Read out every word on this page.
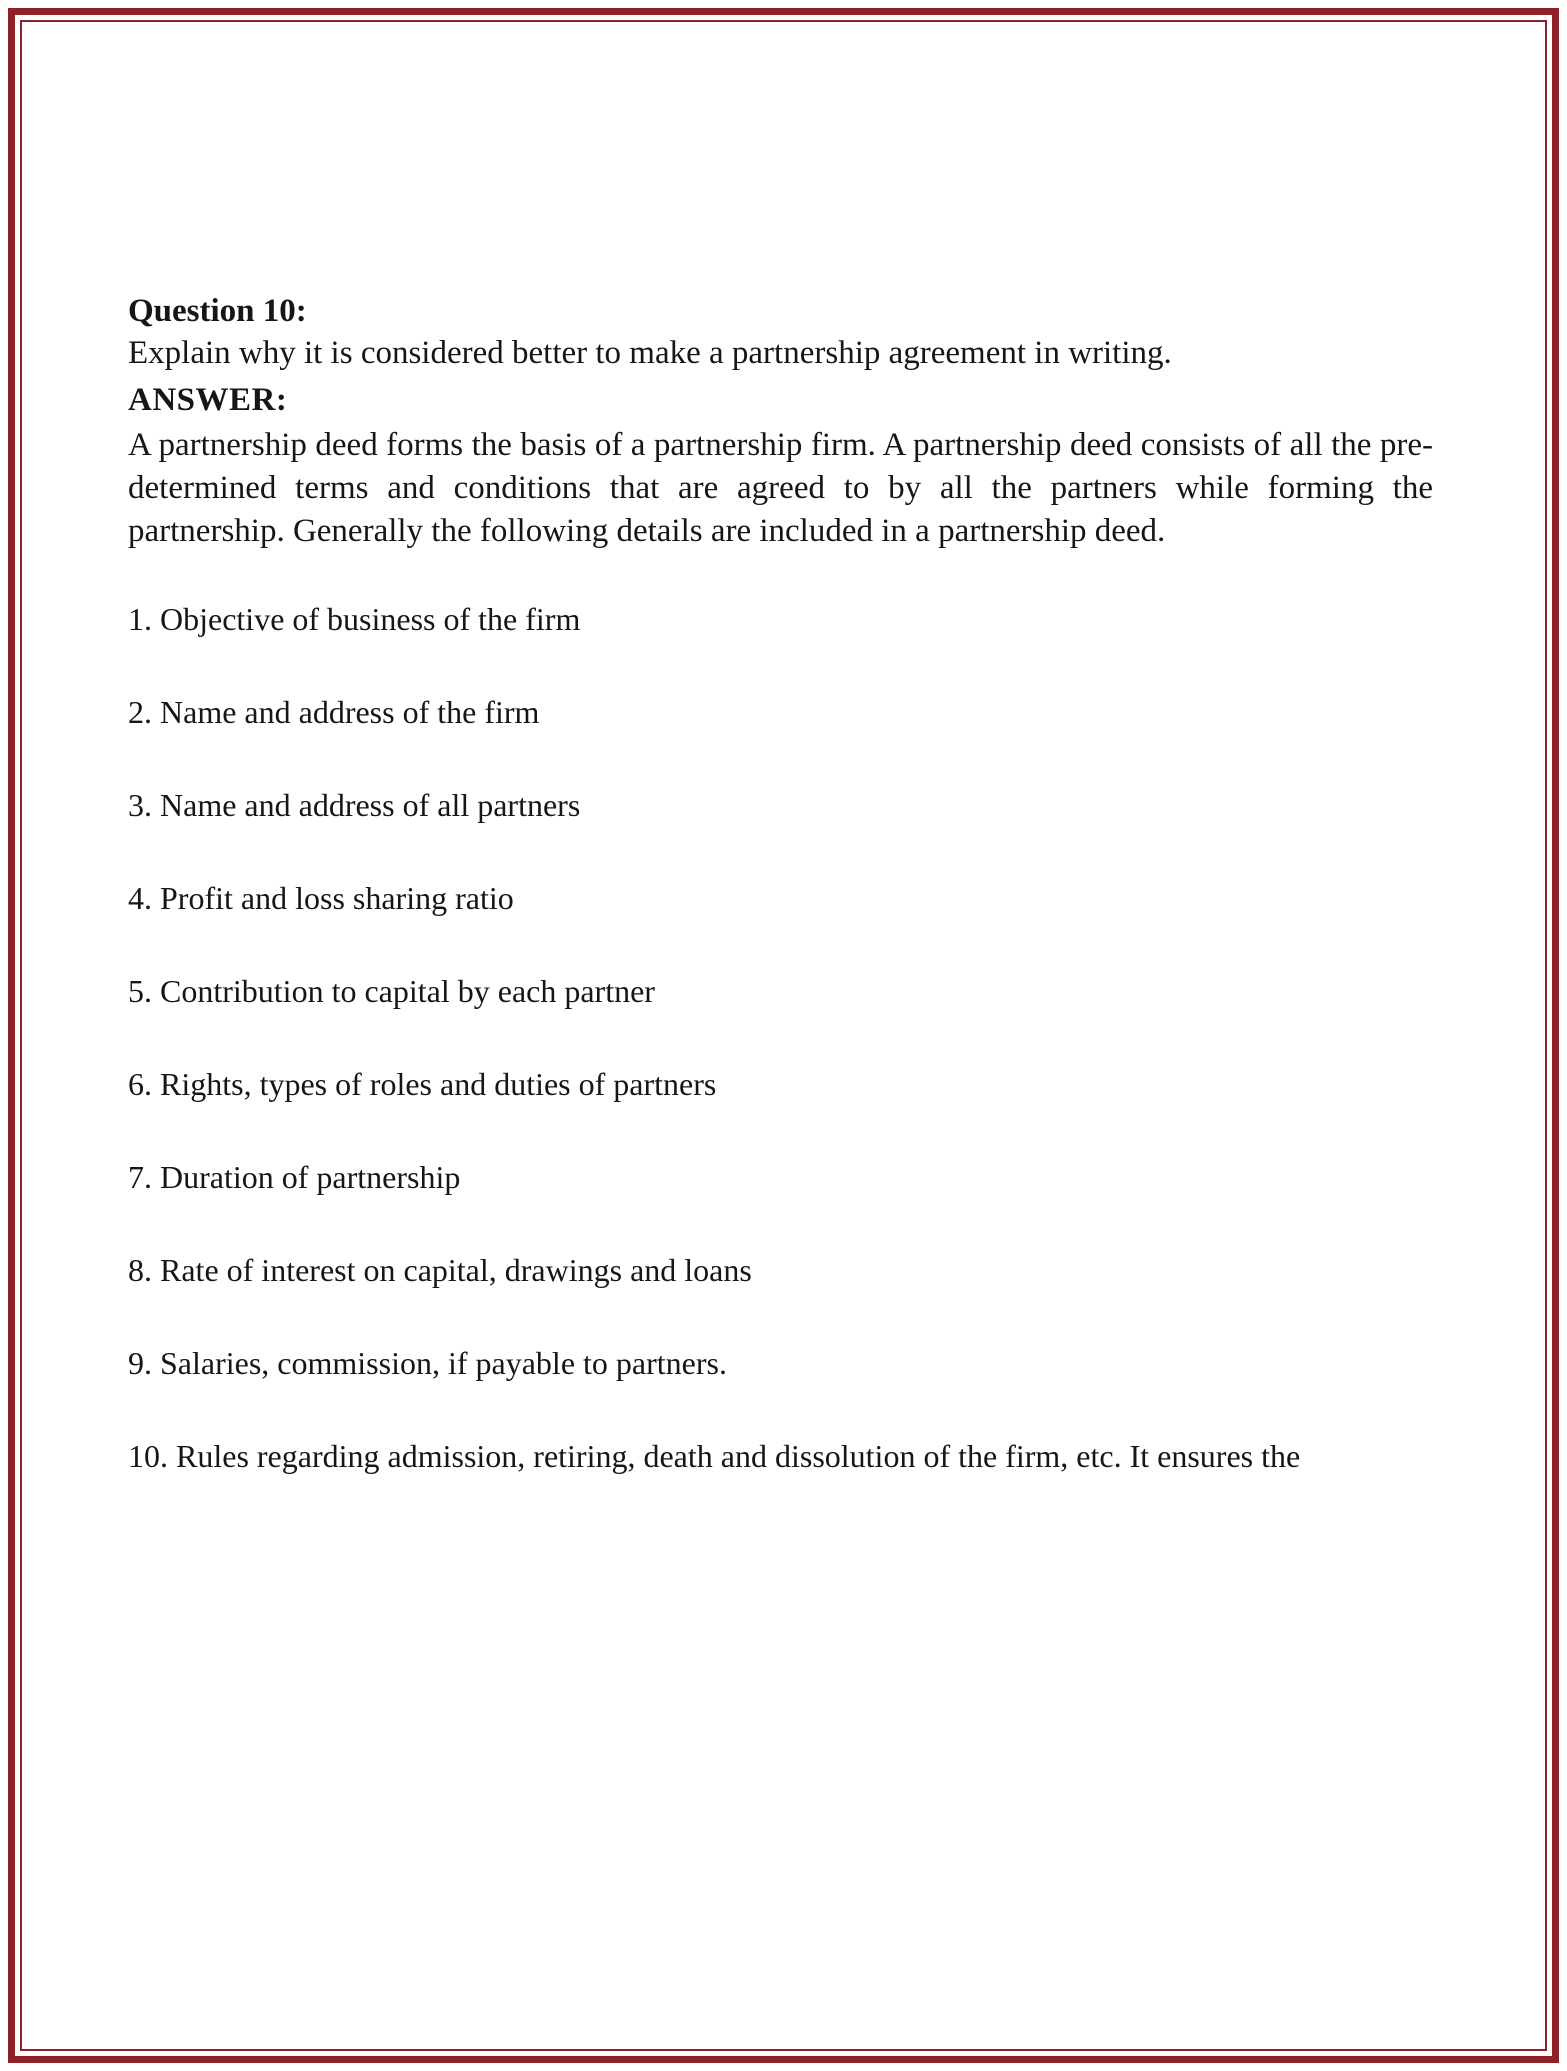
Question 10:

Explain why it is considered better to make a partnership agreement in writing.

ANSWER:

A partnership deed forms the basis of a partnership firm. A partnership deed consists of all the pre-determined terms and conditions that are agreed to by all the partners while forming the partnership. Generally the following details are included in a partnership deed.

1. Objective of business of the firm
2. Name and address of the firm
3. Name and address of all partners
4. Profit and loss sharing ratio
5. Contribution to capital by each partner
6. Rights, types of roles and duties of partners
7. Duration of partnership
8. Rate of interest on capital, drawings and loans
9. Salaries, commission, if payable to partners.
10. Rules regarding admission, retiring, death and dissolution of the firm, etc. It ensures the
